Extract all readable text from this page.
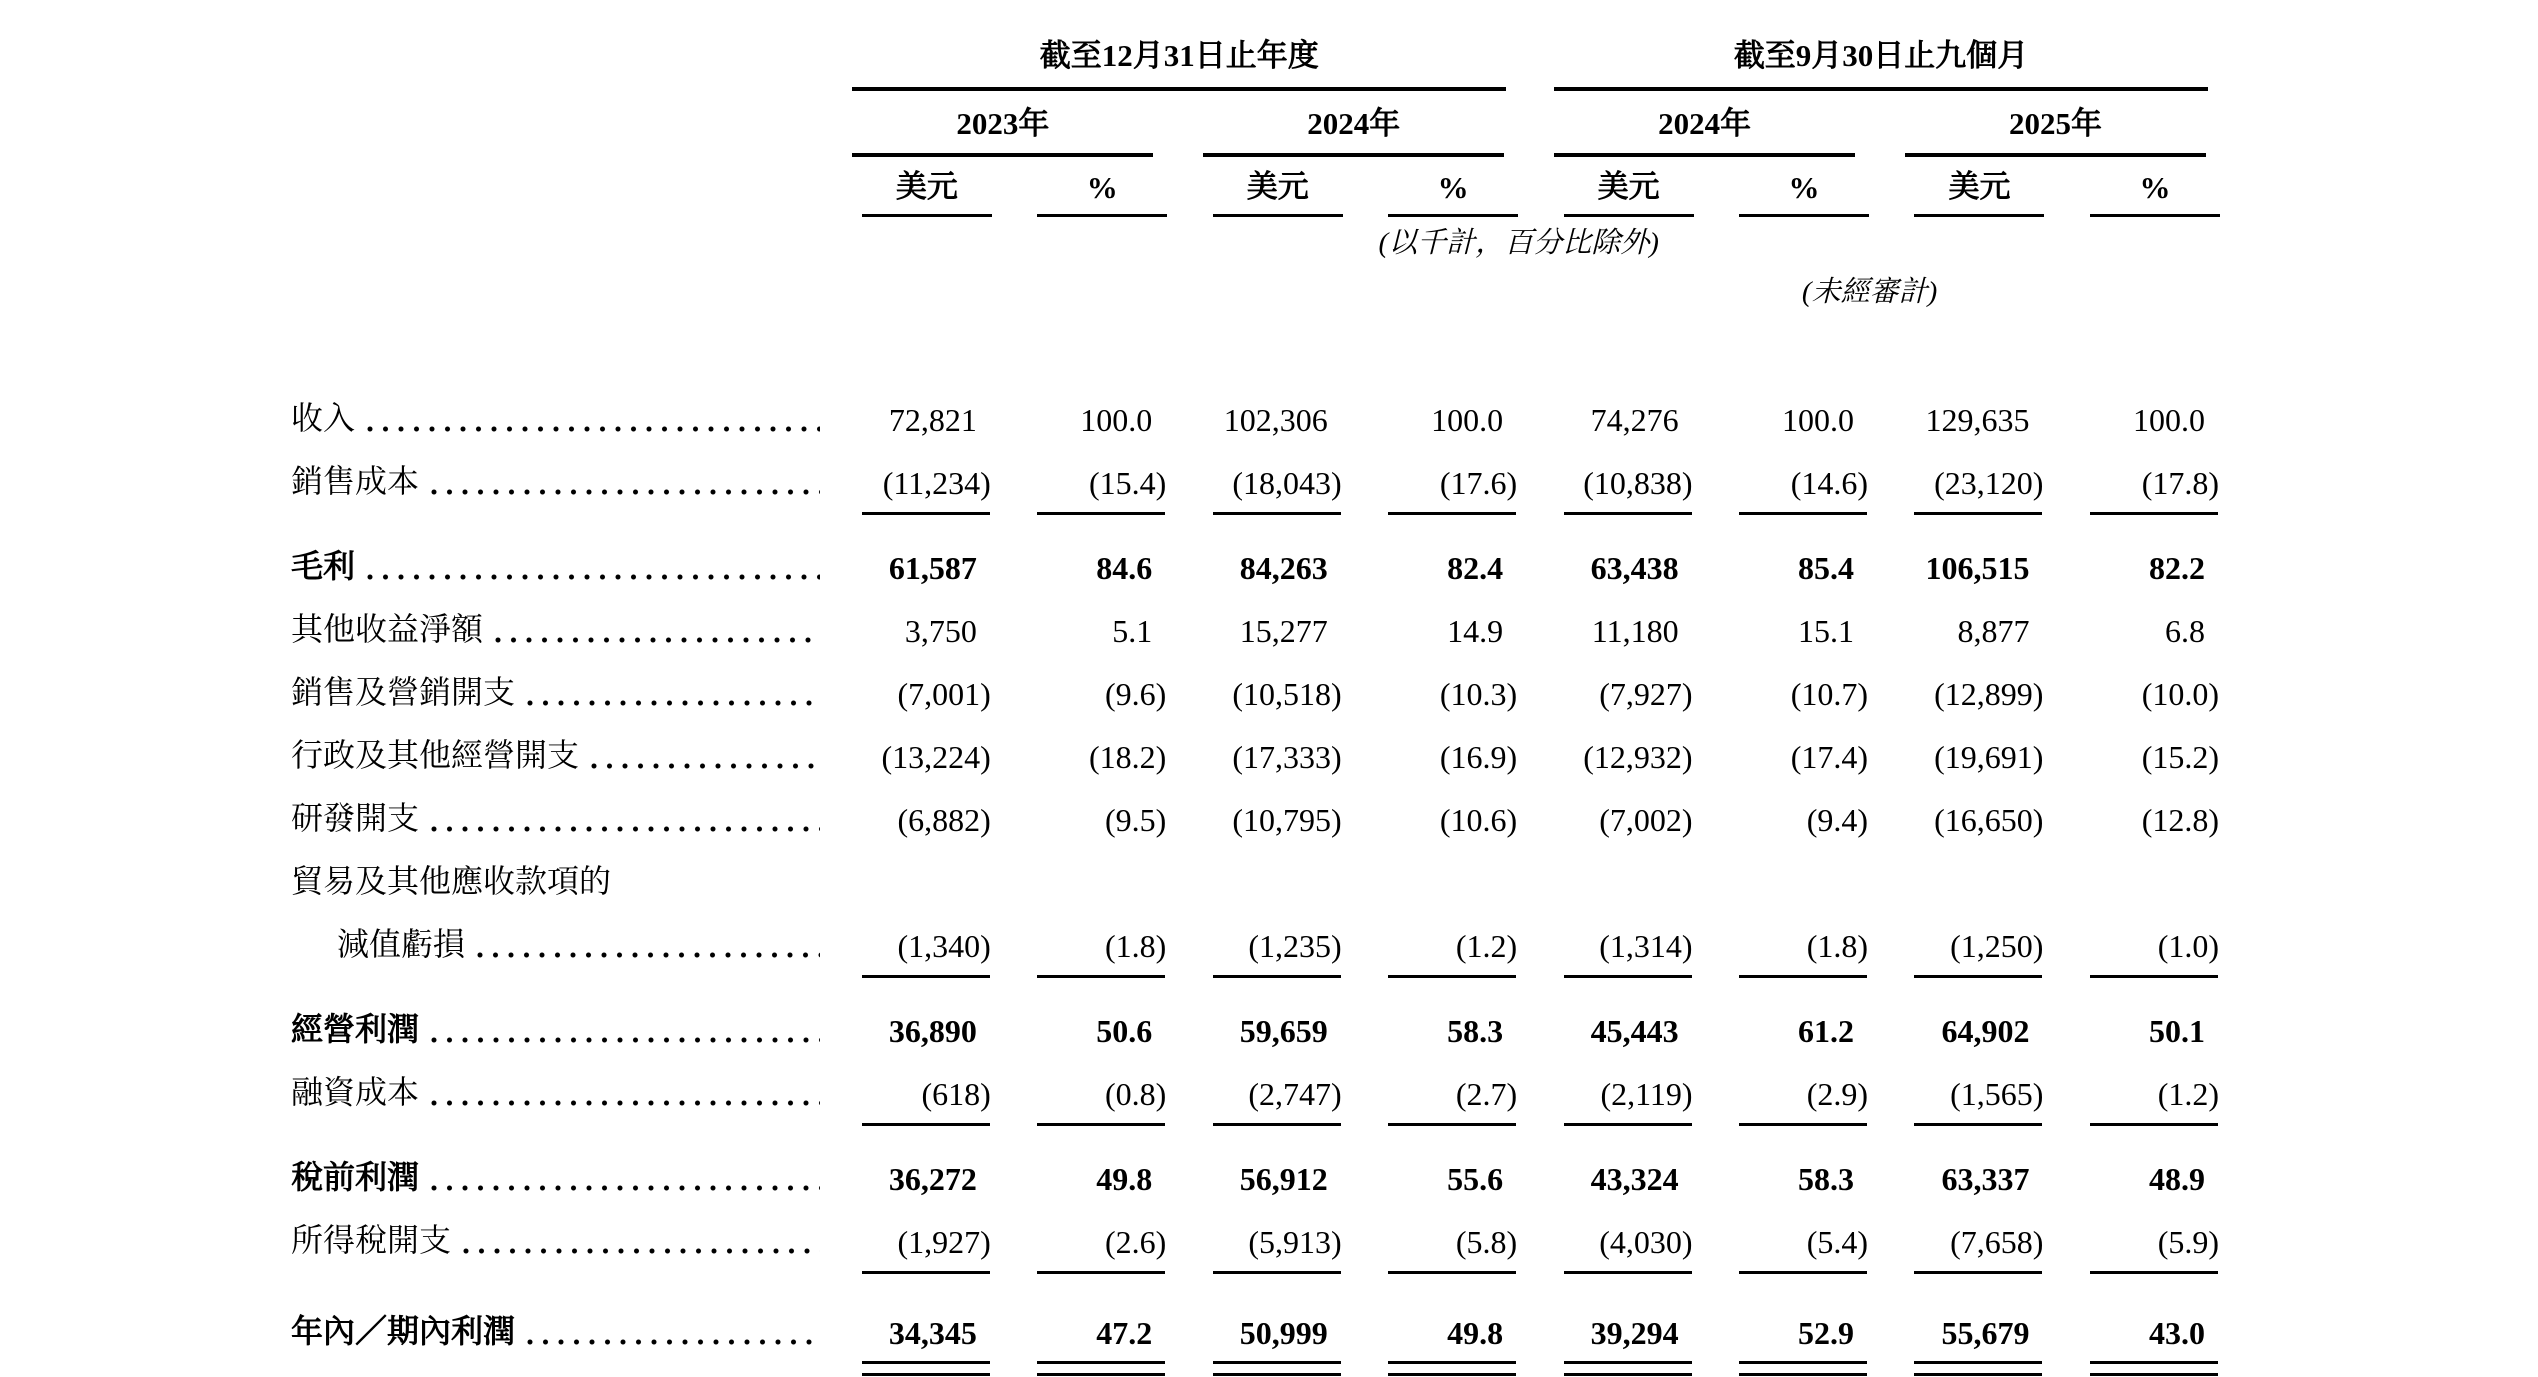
	截至12月31日止年度				截至9月30日止九個月			

	2023年		2024年		2024年		2025年	

	美元	%	美元	%	美元	%	美元	%

	(以千計，百分比除外)							
					(未經審計)			

收入	72,821	100.0	102,306	100.0	74,276	100.0	129,635	100.0

銷售成本	(11,234)	(15.4)	(18,043)	(17.6)	(10,838)	(14.6)	(23,120)	(17.8)

毛利	61,587	84.6	84,263	82.4	63,438	85.4	106,515	82.2

其他收益淨額	3,750	5.1	15,277	14.9	11,180	15.1	8,877	6.8

銷售及營銷開支	(7,001)	(9.6)	(10,518)	(10.3)	(7,927)	(10.7)	(12,899)	(10.0)

行政及其他經營開支	(13,224)	(18.2)	(17,333)	(16.9)	(12,932)	(17.4)	(19,691)	(15.2)

研發開支	(6,882)	(9.5)	(10,795)	(10.6)	(7,002)	(9.4)	(16,650)	(12.8)

貿易及其他應收款項的								

減值虧損	(1,340)	(1.8)	(1,235)	(1.2)	(1,314)	(1.8)	(1,250)	(1.0)

經營利潤	36,890	50.6	59,659	58.3	45,443	61.2	64,902	50.1

融資成本	(618)	(0.8)	(2,747)	(2.7)	(2,119)	(2.9)	(1,565)	(1.2)

稅前利潤	36,272	49.8	56,912	55.6	43,324	58.3	63,337	48.9

所得稅開支	(1,927)	(2.6)	(5,913)	(5.8)	(4,030)	(5.4)	(7,658)	(5.9)

年內／期內利潤	34,345	47.2	50,999	49.8	39,294	52.9	55,679	43.0
